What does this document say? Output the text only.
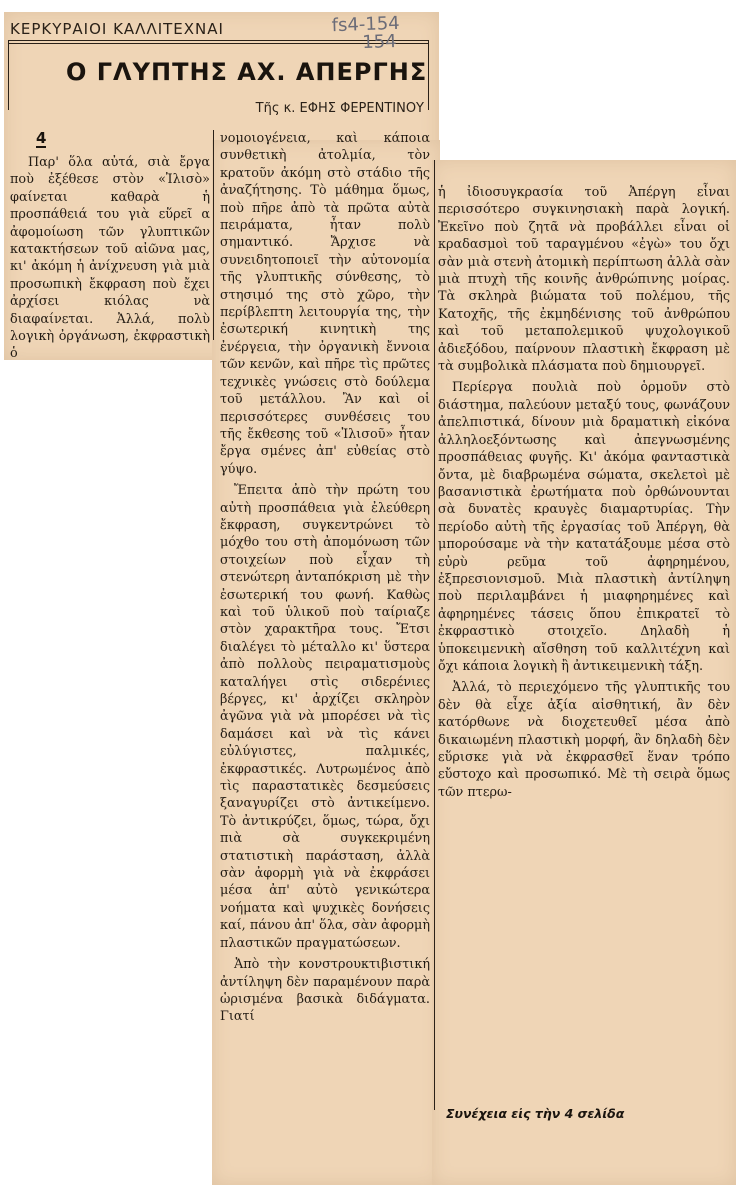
ΚΕΡΚΥΡΑΙΟΙ ΚΑΛΛΙΤΕΧΝΑΙ	fs4-154
154
Ο ΓΛΥΠΤΗΣ ΑΧ. ΑΠΕΡΓΗΣ
Τῆς κ. ΕΦΗΣ ΦΕΡΕΝΤΙΝΟΥ
4

Παρ' ὅλα αὐτά, σιὰ ἔργα ποὺ ἐξέθεσε στὸν «Ἰλισὸ» φαίνεται καθαρὰ ἡ προσπάθειά του γιὰ εὕρεῖ α ἀφομοίωση τῶν γλυπτικῶν κατακτήσεων τοῦ αἰῶνα μας, κι' ἀκόμη ἡ ἀνίχνευση γιὰ μιὰ προσωπικὴ ἔκφραση ποὺ ἔχει ἀρχίσει κιόλας νὰ διαφαίνεται. Ἀλλά, πολὺ λογικὴ ὀργάνωση, ἐκφραστικὴ ὁ

νομοιογένεια, καὶ κάποια συνθετικὴ ἀτολμία, τὸν κρατοῦν ἀκόμη στὸ στάδιο τῆς ἀναζήτησης. Τὸ μάθημα ὅμως, ποὺ πῆρε ἀπὸ τὰ πρῶτα αὐτὰ πειράματα, ἦταν πολὺ σημαντικό. Ἄρχισε νὰ συνειδητοποιεῖ τὴν αὐτονομία τῆς γλυπτικῆς σύνθεσης, τὸ στησιμό της στὸ χῶρο, τὴν περίβλεπτη λειτουργία της, τὴν ἐσωτερική κινητικὴ της ἐνέργεια, τὴν ὀργανικὴ ἔννοια τῶν κενῶν, καὶ πῆρε τὶς πρῶτες τεχνικὲς γνώσεις στὸ δούλεμα τοῦ μετάλλου. Ἂν καὶ οἱ περισσότερες συνθέσεις του τῆς ἔκθεσης τοῦ «Ἰλισοῦ» ἦταν ἔργα σμένες ἀπ' εὐθείας στὸ γύψο.

Ἔπειτα ἀπὸ τὴν πρώτη του αὐτὴ προσπάθεια γιὰ ἐλεύθερη ἔκφραση, συγκεντρώνει τὸ μόχθο του στὴ ἀπομόνωση τῶν στοιχείων ποὺ εἶχαν τὴ στενώτερη ἀνταπόκριση μὲ τὴν ἐσωτερική του φωνή. Καθὼς καὶ τοῦ ὑλικοῦ ποὺ ταίριαζε στὸν χαρακτῆρα τους. Ἔτσι διαλέγει τὸ μέταλλο κι' ὕστερα ἀπὸ πολλοὺς πειραματισμοὺς καταλήγει στὶς σιδερένιες βέργες, κι' ἀρχίζει σκληρὸν ἀγῶνα γιὰ νὰ μπορέσει νὰ τὶς δαμάσει καὶ νὰ τὶς κάνει εὐλύγιστες, παλμικές, ἐκφραστικές. Λυτρωμένος ἀπὸ τὶς παραστατικὲς δεσμεύσεις ξαναγυρίζει στὸ ἀντικείμενο. Τὸ ἀντικρύζει, ὅμως, τώρα, ὄχι πιὰ σὰ συγκεκριμένη στατιστικὴ παράσταση, ἀλλὰ σὰν ἀφορμὴ γιὰ νὰ ἐκφράσει μέσα ἀπ' αὐτὸ γενικώτερα νοήματα καὶ ψυχικὲς δονήσεις καί, πάνου ἀπ' ὅλα, σὰν ἀφορμὴ πλαστικῶν πραγματώσεων.

Ἀπὸ τὴν κονστρουκτιβιστική ἀντίληψη δὲν παραμένουν παρὰ ὡρισμένα βασικὰ διδάγματα. Γιατί

ἡ ἰδιοσυγκρασία τοῦ Ἀπέργη εἶναι περισσότερο συγκινησιακὴ παρὰ λογική. Ἐκεῖνο ποὺ ζητᾶ νὰ προβάλλει εἶναι οἱ κραδασμοὶ τοῦ ταραγμένου «ἐγὼ» του ὄχι σὰν μιὰ στενὴ ἀτομικὴ περίπτωση ἀλλὰ σὰν μιὰ πτυχὴ τῆς κοινῆς ἀνθρώπινης μοίρας. Τὰ σκληρὰ βιώματα τοῦ πολέμου, τῆς Κατοχῆς, τῆς ἐκμηδένισης τοῦ ἀνθρώπου καὶ τοῦ μεταπολεμικοῦ ψυχολογικοῦ ἀδιεξόδου, παίρνουν πλαστικὴ ἔκφραση μὲ τὰ συμβολικὰ πλάσματα ποὺ δημιουργεῖ.

Περίεργα πουλιὰ ποὺ ὁρμοῦν στὸ διάστημα, παλεύουν μεταξύ τους, φωνάζουν ἀπελπιστικά, δίνουν μιὰ δραματικὴ εἰκόνα ἀλληλοεξόντωσης καὶ ἀπεγνωσμένης προσπάθειας φυγῆς. Κι' ἀκόμα φανταστικὰ ὄντα, μὲ διαβρωμένα σώματα, σκελετοὶ μὲ βασανιστικὰ ἐρωτήματα ποὺ ὀρθώνουνται σὰ δυνατὲς κραυγὲς διαμαρτυρίας. Τὴν περίοδο αὐτὴ τῆς ἐργασίας τοῦ Ἀπέργη, θὰ μπορούσαμε νὰ τὴν κατατάξουμε μέσα στὸ εὐρὺ ρεῦμα τοῦ ἀφηρημένου, ἐξπρεσιονισμοῦ. Μιὰ πλαστικὴ ἀντίληψη ποὺ περιλαμβάνει ἡ μιαφηρημένες καὶ ἀφηρημένες τάσεις ὅπου ἐπικρατεῖ τὸ ἐκφραστικὸ στοιχεῖο. Δηλαδὴ ἡ ὑποκειμενικὴ αἴσθηση τοῦ καλλιτέχνη καὶ ὄχι κάποια λογικὴ ἢ ἀντικειμενικὴ τάξη.

Ἀλλά, τὸ περιεχόμενο τῆς γλυπτικῆς του δὲν θὰ εἶχε ἀξία αἰσθητική, ἂν δὲν κατόρθωνε νὰ διοχετευθεῖ μέσα ἀπὸ δικαιωμένη πλαστικὴ μορφή, ἂν δηλαδὴ δὲν εὕρισκε γιὰ νὰ ἐκφρασθεῖ ἕναν τρόπο εὔστοχο καὶ προσωπικό. Μὲ τὴ σειρὰ ὅμως τῶν πτερω-

Συνέχεια εἰς τὴν 4 σελίδα
